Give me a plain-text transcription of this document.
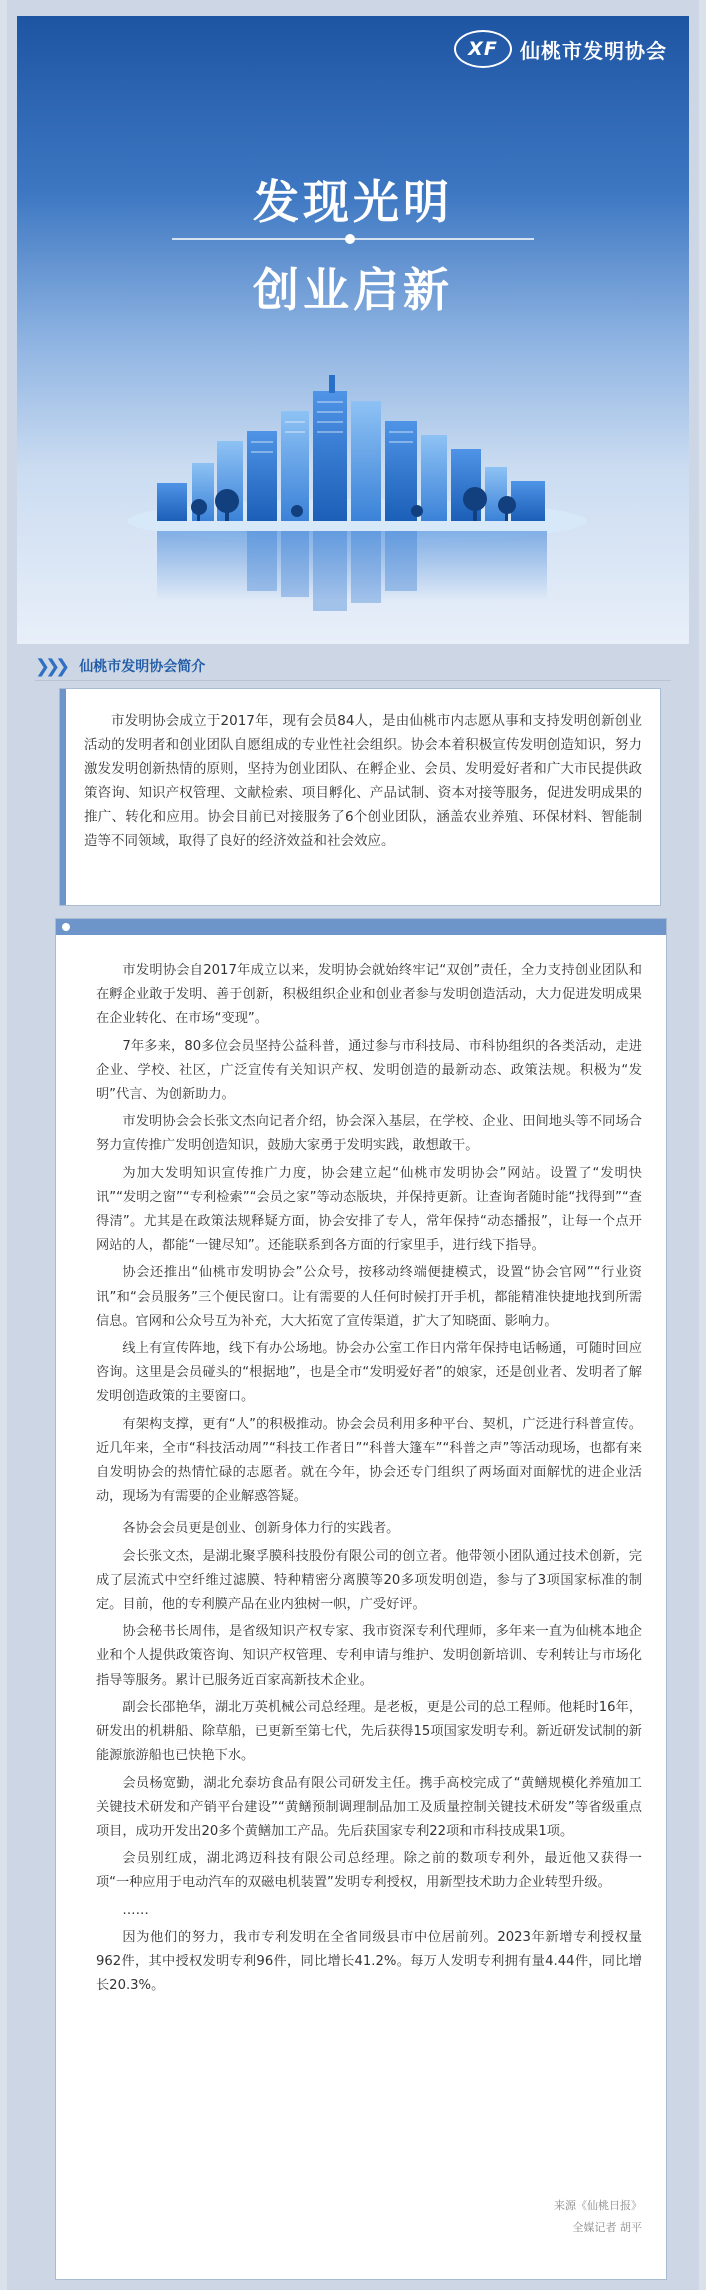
XF	仙桃市发明协会
发现光明
创业启新
❯❯❯ 仙桃市发明协会简介
市发明协会成立于2017年，现有会员84人，是由仙桃市内志愿从事和支持发明创新创业活动的发明者和创业团队自愿组成的专业性社会组织。协会本着积极宣传发明创造知识，努力激发发明创新热情的原则，坚持为创业团队、在孵企业、会员、发明爱好者和广大市民提供政策咨询、知识产权管理、文献检索、项目孵化、产品试制、资本对接等服务，促进发明成果的推广、转化和应用。协会目前已对接服务了6个创业团队，涵盖农业养殖、环保材料、智能制造等不同领域，取得了良好的经济效益和社会效应。

市发明协会自2017年成立以来，发明协会就始终牢记“双创”责任，全力支持创业团队和在孵企业敢于发明、善于创新，积极组织企业和创业者参与发明创造活动，大力促进发明成果在企业转化、在市场“变现”。

7年多来，80多位会员坚持公益科普，通过参与市科技局、市科协组织的各类活动，走进企业、学校、社区，广泛宣传有关知识产权、发明创造的最新动态、政策法规。积极为“发明”代言、为创新助力。

市发明协会会长张文杰向记者介绍，协会深入基层，在学校、企业、田间地头等不同场合努力宣传推广发明创造知识，鼓励大家勇于发明实践，敢想敢干。

为加大发明知识宣传推广力度，协会建立起“仙桃市发明协会”网站。设置了“发明快讯”“发明之窗”“专利检索”“会员之家”等动态版块，并保持更新。让查询者随时能“找得到”“查得清”。尤其是在政策法规释疑方面，协会安排了专人，常年保持“动态播报”，让每一个点开网站的人，都能“一键尽知”。还能联系到各方面的行家里手，进行线下指导。

协会还推出“仙桃市发明协会”公众号，按移动终端便捷模式，设置“协会官网”“行业资讯”和“会员服务”三个便民窗口。让有需要的人任何时候打开手机，都能精准快捷地找到所需信息。官网和公众号互为补充，大大拓宽了宣传渠道，扩大了知晓面、影响力。

线上有宣传阵地，线下有办公场地。协会办公室工作日内常年保持电话畅通，可随时回应咨询。这里是会员碰头的“根据地”，也是全市“发明爱好者”的娘家，还是创业者、发明者了解发明创造政策的主要窗口。

有架构支撑，更有“人”的积极推动。协会会员利用多种平台、契机，广泛进行科普宣传。近几年来，全市“科技活动周”“科技工作者日”“科普大篷车”“科普之声”等活动现场，也都有来自发明协会的热情忙碌的志愿者。就在今年，协会还专门组织了两场面对面解忧的进企业活动，现场为有需要的企业解惑答疑。

各协会会员更是创业、创新身体力行的实践者。

会长张文杰，是湖北聚孚膜科技股份有限公司的创立者。他带领小团队通过技术创新，完成了层流式中空纤维过滤膜、特种精密分离膜等20多项发明创造，参与了3项国家标准的制定。目前，他的专利膜产品在业内独树一帜，广受好评。

协会秘书长周伟，是省级知识产权专家、我市资深专利代理师，多年来一直为仙桃本地企业和个人提供政策咨询、知识产权管理、专利申请与维护、发明创新培训、专利转让与市场化指导等服务。累计已服务近百家高新技术企业。

副会长邵艳华，湖北万英机械公司总经理。是老板，更是公司的总工程师。他耗时16年，研发出的机耕船、除草船，已更新至第七代，先后获得15项国家发明专利。新近研发试制的新能源旅游船也已快艳下水。

会员杨宽勤，湖北允泰坊食品有限公司研发主任。携手高校完成了“黄鳝规模化养殖加工关键技术研发和产销平台建设”“黄鳝预制调理制品加工及质量控制关键技术研发”等省级重点项目，成功开发出20多个黄鳝加工产品。先后获国家专利22项和市科技成果1项。

会员别红成，湖北鸿迈科技有限公司总经理。除之前的数项专利外，最近他又获得一项“一种应用于电动汽车的双磁电机装置”发明专利授权，用新型技术助力企业转型升级。

……

因为他们的努力，我市专利发明在全省同级县市中位居前列。2023年新增专利授权量962件，其中授权发明专利96件，同比增长41.2%。每万人发明专利拥有量4.44件，同比增长20.3%。

来源《仙桃日报》
全媒记者 胡平
